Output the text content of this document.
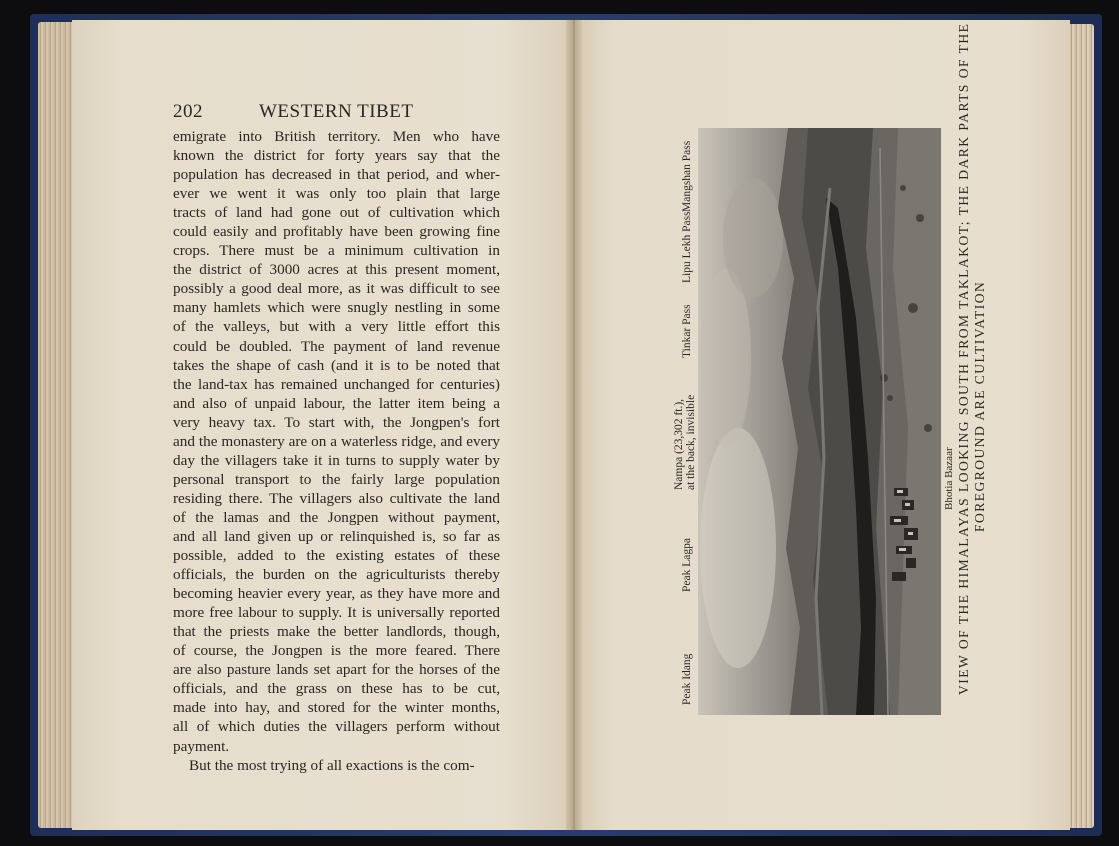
202	WESTERN TIBET
emigrate into British territory. Men who have
known the district for forty years say that the
population has decreased in that period, and wher-
ever we went it was only too plain that large
tracts of land had gone out of cultivation which
could easily and profitably have been growing fine
crops. There must be a minimum cultivation in
the district of 3000 acres at this present moment,
possibly a good deal more, as it was difficult to see
many hamlets which were snugly nestling in some
of the valleys, but with a very little effort this
could be doubled. The payment of land revenue
takes the shape of cash (and it is to be noted that
the land-tax has remained unchanged for centuries)
and also of unpaid labour, the latter item being a
very heavy tax. To start with, the Jongpen's fort
and the monastery are on a waterless ridge, and every
day the villagers take it in turns to supply water by
personal transport to the fairly large population
residing there. The villagers also cultivate the land
of the lamas and the Jongpen without payment,
and all land given up or relinquished is, so far as
possible, added to the existing estates of these
officials, the burden on the agriculturists thereby
becoming heavier every year, as they have more and
more free labour to supply. It is universally reported
that the priests make the better landlords, though,
of course, the Jongpen is the more feared. There
are also pasture lands set apart for the horses of the
officials, and the grass on these has to be cut,
made into hay, and stored for the winter months,
all of which duties the villagers perform without
payment.
But the most trying of all exactions is the com-
Peak Idang
Peak Lagpa
Nampa (23,302 ft.), at the back, invisible
Tinkar Pass
Lipu Lekh Pass
Mangshan Pass
Bhotia Bazaar VIEW OF THE HIMALAYAS LOOKING SOUTH FROM TAKLAKOT; THE DARK PARTS OF THE FOREGROUND ARE CULTIVATION
